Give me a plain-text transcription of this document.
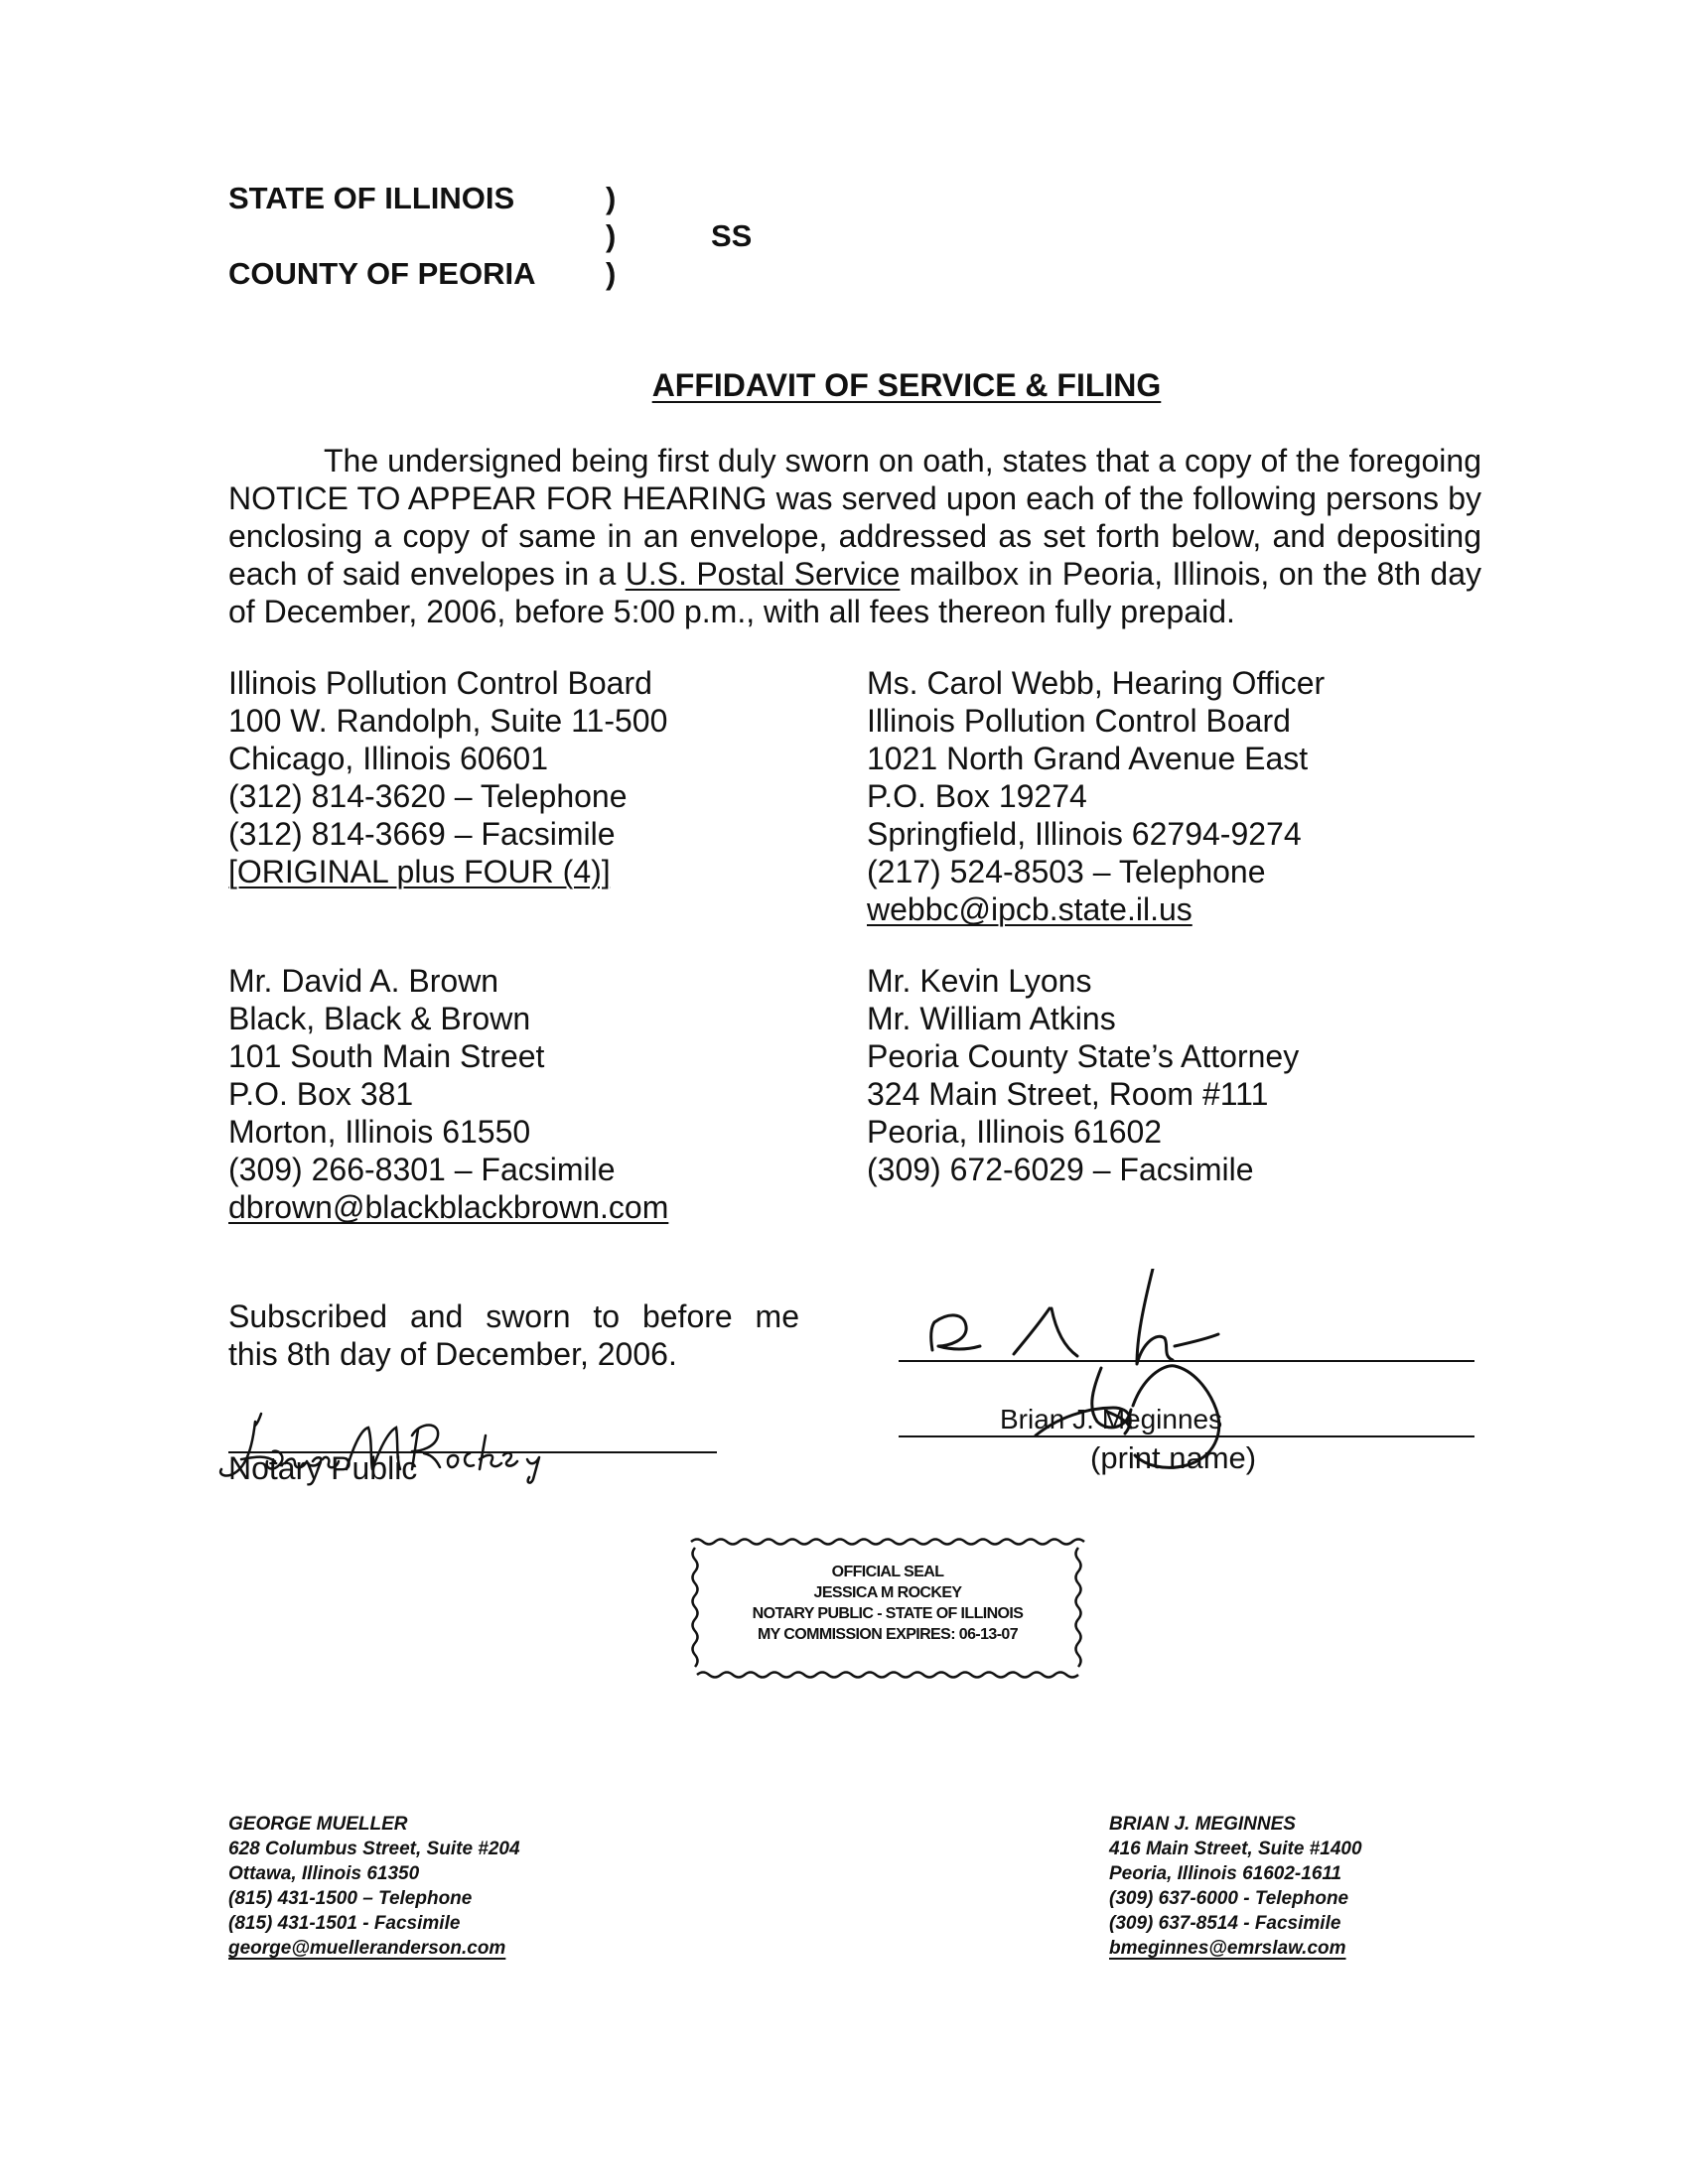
STATE OF ILLINOIS
COUNTY OF PEORIA
)
)
)
SS
AFFIDAVIT OF SERVICE & FILING
The undersigned being first duly sworn on oath, states that a copy of the foregoing NOTICE TO APPEAR FOR HEARING was served upon each of the following persons by enclosing a copy of same in an envelope, addressed as set forth below, and depositing each of said envelopes in a U.S. Postal Service mailbox in Peoria, Illinois, on the 8th day of December, 2006, before 5:00 p.m., with all fees thereon fully prepaid.
Illinois Pollution Control Board
100 W. Randolph, Suite 11-500
Chicago, Illinois 60601
(312) 814-3620 – Telephone
(312) 814-3669 – Facsimile
[ORIGINAL plus FOUR (4)]
Ms. Carol Webb, Hearing Officer
Illinois Pollution Control Board
1021 North Grand Avenue East
P.O. Box 19274
Springfield, Illinois 62794-9274
(217) 524-8503 – Telephone
webbc@ipcb.state.il.us
Mr. David A. Brown
Black, Black & Brown
101 South Main Street
P.O. Box 381
Morton, Illinois 61550
(309) 266-8301 – Facsimile
dbrown@blackblackbrown.com
Mr. Kevin Lyons
Mr. William Atkins
Peoria County State’s Attorney
324 Main Street, Room #111
Peoria, Illinois 61602
(309) 672-6029 – Facsimile
Subscribed and sworn to before me
this 8th day of December, 2006.
Notary Public
Brian J. Meginnes
(print name)
OFFICIAL SEAL
JESSICA M ROCKEY
NOTARY PUBLIC - STATE OF ILLINOIS
MY COMMISSION EXPIRES: 06-13-07
GEORGE MUELLER
628 Columbus Street, Suite #204
Ottawa, Illinois 61350
(815) 431-1500 – Telephone
(815) 431-1501 - Facsimile
george@muelleranderson.com
BRIAN J. MEGINNES
416 Main Street, Suite #1400
Peoria, Illinois 61602-1611
(309) 637-6000 - Telephone
(309) 637-8514 - Facsimile
bmeginnes@emrslaw.com
